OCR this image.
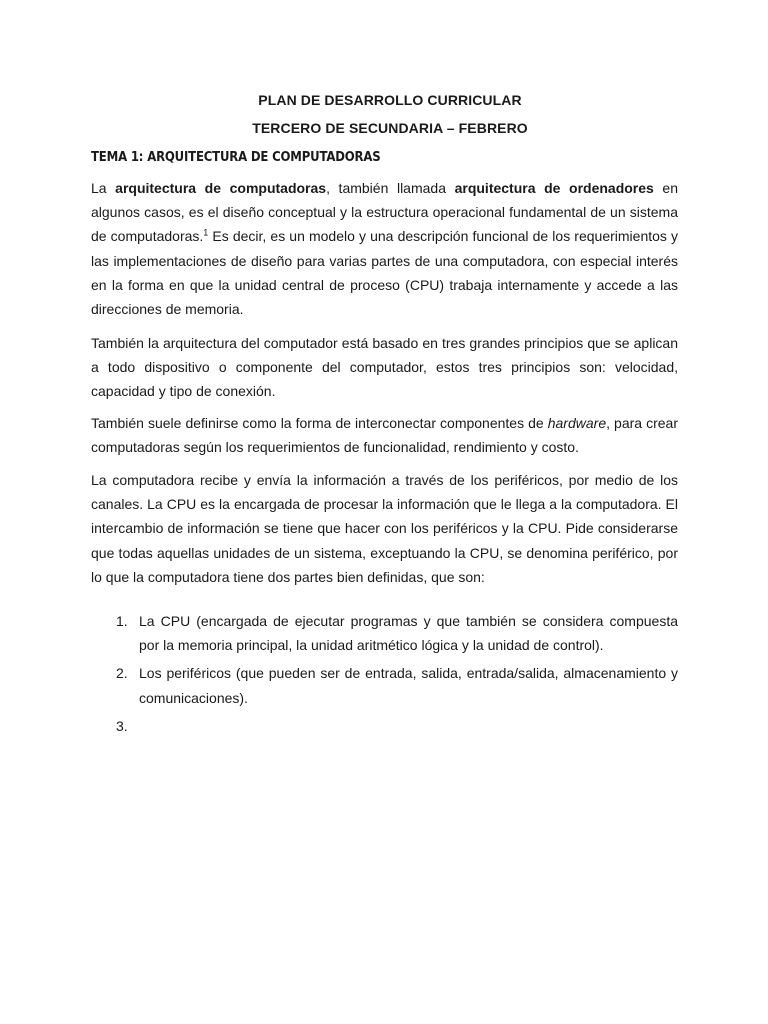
PLAN DE DESARROLLO CURRICULAR
TERCERO DE SECUNDARIA – FEBRERO
TEMA 1: ARQUITECTURA DE COMPUTADORAS

La arquitectura de computadoras, también llamada arquitectura de ordenadores en algunos casos, es el diseño conceptual y la estructura operacional fundamental de un sistema de computadoras.$^1$ Es decir, es un modelo y una descripción funcional de los requerimientos y las implementaciones de diseño para varias partes de una computadora, con especial interés en la forma en que la unidad central de proceso (CPU) trabaja internamente y accede a las direcciones de memoria.

También la arquitectura del computador está basado en tres grandes principios que se aplican a todo dispositivo o componente del computador, estos tres principios son: velocidad, capacidad y tipo de conexión.

También suele definirse como la forma de interconectar componentes de hardware, para crear computadoras según los requerimientos de funcionalidad, rendimiento y costo.

La computadora recibe y envía la información a través de los periféricos, por medio de los canales. La CPU es la encargada de procesar la información que le llega a la computadora. El intercambio de información se tiene que hacer con los periféricos y la CPU. Pide considerarse que todas aquellas unidades de un sistema, exceptuando la CPU, se denomina periférico, por lo que la computadora tiene dos partes bien definidas, que son:

1. La CPU (encargada de ejecutar programas y que también se considera compuesta por la memoria principal, la unidad aritmético lógica y la unidad de control).
2. Los periféricos (que pueden ser de entrada, salida, entrada/salida, almacenamiento y comunicaciones).
3.
